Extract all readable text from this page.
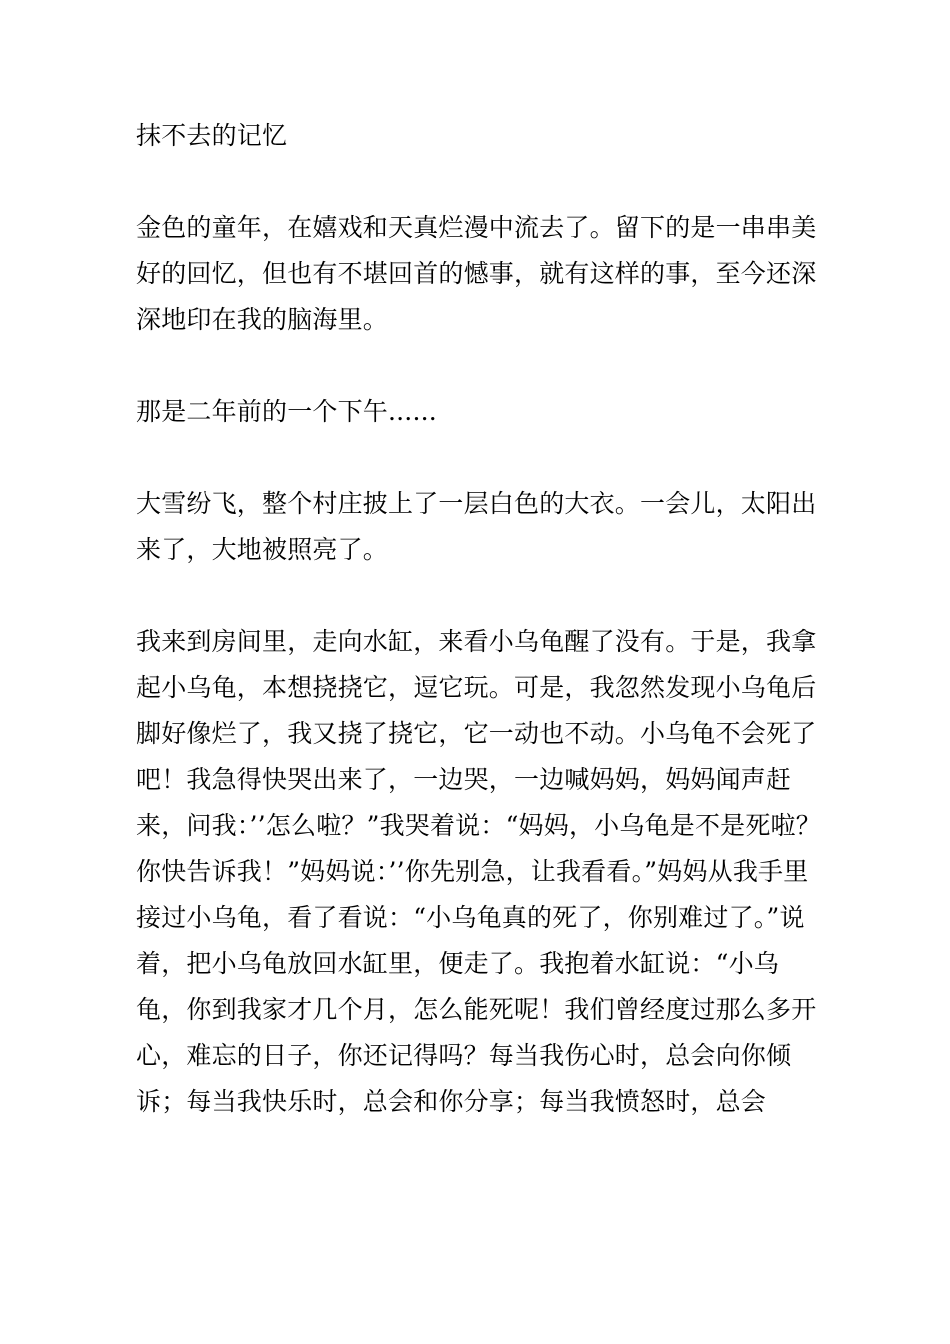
抹不去的记忆

金色的童年，在嬉戏和天真烂漫中流去了。留下的是一串串美好的回忆，但也有不堪回首的憾事，就有这样的事，至今还深深地印在我的脑海里。

那是二年前的一个下午......

大雪纷飞，整个村庄披上了一层白色的大衣。一会儿，太阳出来了，大地被照亮了。

我来到房间里，走向水缸，来看小乌龟醒了没有。于是，我拿起小乌龟，本想挠挠它，逗它玩。可是，我忽然发现小乌龟后脚好像烂了，我又挠了挠它，它一动也不动。小乌龟不会死了吧！我急得快哭出来了，一边哭，一边喊妈妈，妈妈闻声赶来，问我：’’怎么啦？”我哭着说：“妈妈，小乌龟是不是死啦？你快告诉我！”妈妈说：’’你先别急，让我看看。”妈妈从我手里接过小乌龟，看了看说：“小乌龟真的死了，你别难过了。”说着，把小乌龟放回水缸里，便走了。我抱着水缸说：“小乌龟，你到我家才几个月，怎么能死呢！我们曾经度过那么多开心，难忘的日子，你还记得吗？每当我伤心时，总会向你倾诉；每当我快乐时，总会和你分享；每当我愤怒时，总会
